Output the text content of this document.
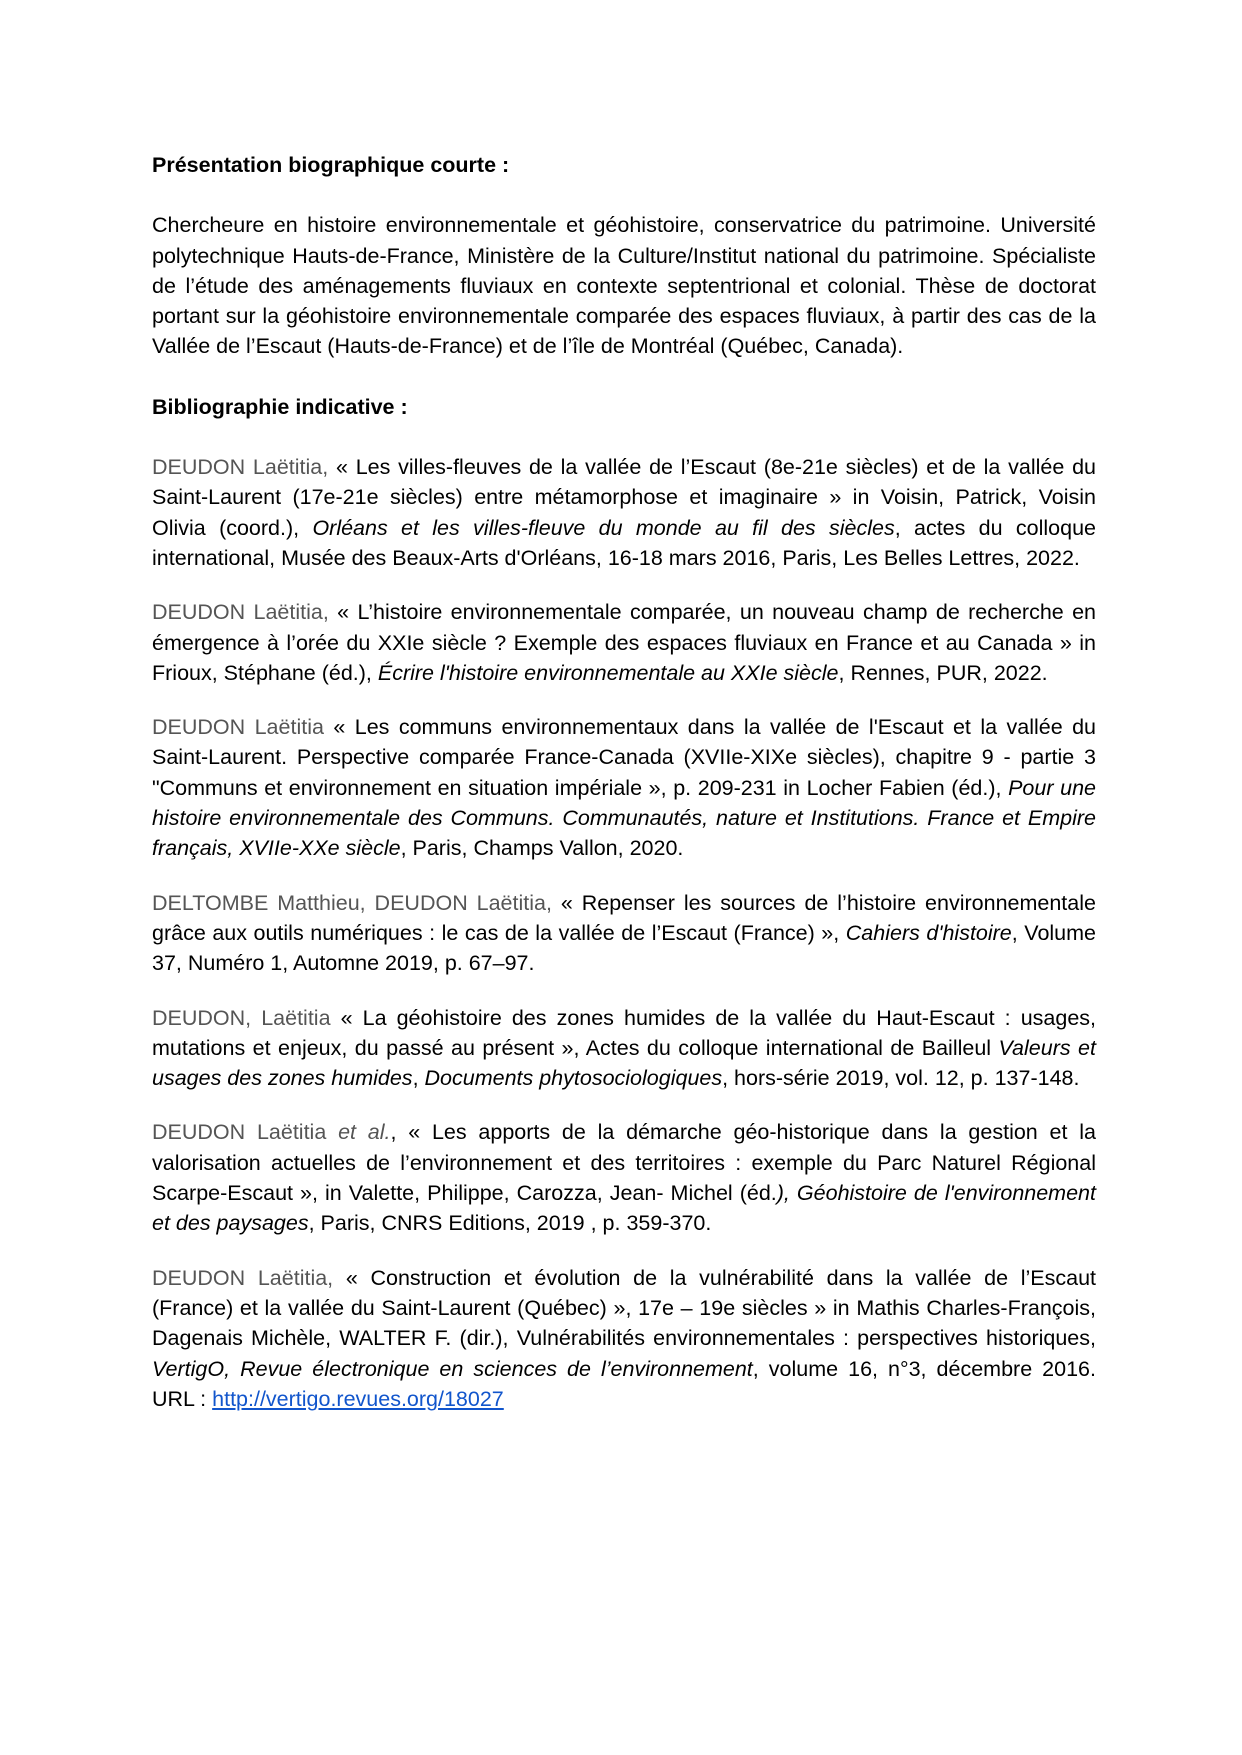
Présentation biographique courte :

Chercheure en histoire environnementale et géohistoire, conservatrice du patrimoine. Université polytechnique Hauts-de-France, Ministère de la Culture/Institut national du patrimoine. Spécialiste de l’étude des aménagements fluviaux en contexte septentrional et colonial. Thèse de doctorat portant sur la géohistoire environnementale comparée des espaces fluviaux, à partir des cas de la Vallée de l’Escaut (Hauts-de-France) et de l’île de Montréal (Québec, Canada).

Bibliographie indicative :

DEUDON Laëtitia, « Les villes-fleuves de la vallée de l’Escaut (8e-21e siècles) et de la vallée du Saint-Laurent (17e-21e siècles) entre métamorphose et imaginaire » in Voisin, Patrick, Voisin Olivia (coord.), Orléans et les villes-fleuve du monde au fil des siècles, actes du colloque international, Musée des Beaux-Arts d'Orléans, 16-18 mars 2016, Paris, Les Belles Lettres, 2022.

DEUDON Laëtitia, « L’histoire environnementale comparée, un nouveau champ de recherche en émergence à l’orée du XXIe siècle ? Exemple des espaces fluviaux en France et au Canada » in Frioux, Stéphane (éd.), Écrire l'histoire environnementale au XXIe siècle, Rennes, PUR, 2022.

DEUDON Laëtitia « Les communs environnementaux dans la vallée de l'Escaut et la vallée du Saint-Laurent. Perspective comparée France-Canada (XVIIe-XIXe siècles), chapitre 9 - partie 3 "Communs et environnement en situation impériale », p. 209-231 in Locher Fabien (éd.), Pour une histoire environnementale des Communs. Communautés, nature et Institutions. France et Empire français, XVIIe-XXe siècle, Paris, Champs Vallon, 2020.

DELTOMBE Matthieu, DEUDON Laëtitia, « Repenser les sources de l’histoire environnementale grâce aux outils numériques : le cas de la vallée de l’Escaut (France) », Cahiers d'histoire, Volume 37, Numéro 1, Automne 2019, p. 67–97.

DEUDON, Laëtitia « La géohistoire des zones humides de la vallée du Haut-Escaut : usages, mutations et enjeux, du passé au présent », Actes du colloque international de Bailleul Valeurs et usages des zones humides, Documents phytosociologiques, hors-série 2019, vol. 12, p. 137-148.

DEUDON Laëtitia et al., « Les apports de la démarche géo-historique dans la gestion et la valorisation actuelles de l’environnement et des territoires : exemple du Parc Naturel Régional Scarpe-Escaut », in Valette, Philippe, Carozza, Jean- Michel (éd.), Géohistoire de l'environnement et des paysages, Paris, CNRS Editions, 2019 , p. 359-370.

DEUDON Laëtitia, « Construction et évolution de la vulnérabilité dans la vallée de l’Escaut (France) et la vallée du Saint-Laurent (Québec) », 17e – 19e siècles » in Mathis Charles-François, Dagenais Michèle, WALTER F. (dir.), Vulnérabilités environnementales : perspectives historiques, VertigO, Revue électronique en sciences de l’environnement, volume 16, n°3, décembre 2016. URL : http://vertigo.revues.org/18027
